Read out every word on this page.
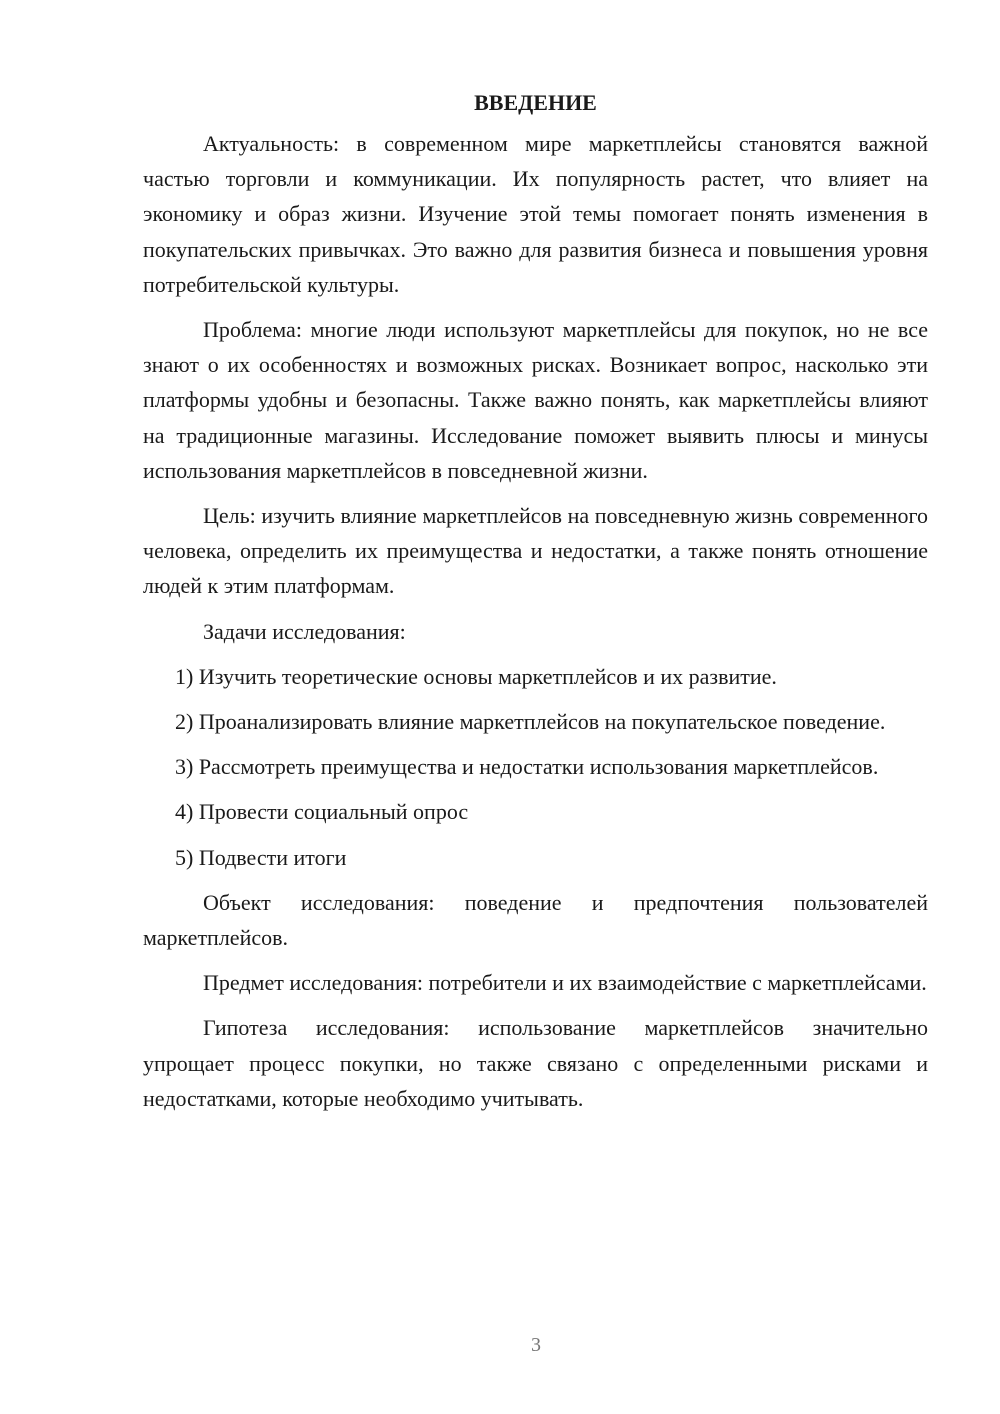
ВВЕДЕНИЕ

Актуальность: в современном мире маркетплейсы становятся важной частью торговли и коммуникации. Их популярность растет, что влияет на экономику и образ жизни. Изучение этой темы помогает понять изменения в покупательских привычках. Это важно для развития бизнеса и повышения уровня потребительской культуры.

Проблема: многие люди используют маркетплейсы для покупок, но не все знают о их особенностях и возможных рисках. Возникает вопрос, насколько эти платформы удобны и безопасны. Также важно понять, как маркетплейсы влияют на традиционные магазины. Исследование поможет выявить плюсы и минусы использования маркетплейсов в повседневной жизни.

Цель: изучить влияние маркетплейсов на повседневную жизнь современного человека, определить их преимущества и недостатки, а также понять отношение людей к этим платформам.

Задачи исследования:

1) Изучить теоретические основы маркетплейсов и их развитие.

2) Проанализировать влияние маркетплейсов на покупательское поведение.

3) Рассмотреть преимущества и недостатки использования маркетплейсов.

4) Провести социальный опрос

5) Подвести итоги

Объект исследования: поведение и предпочтения пользователей маркетплейсов.

Предмет исследования: потребители и их взаимодействие с маркетплейсами.

Гипотеза исследования: использование маркетплейсов значительно упрощает процесс покупки, но также связано с определенными рисками и недостатками, которые необходимо учитывать.

3
